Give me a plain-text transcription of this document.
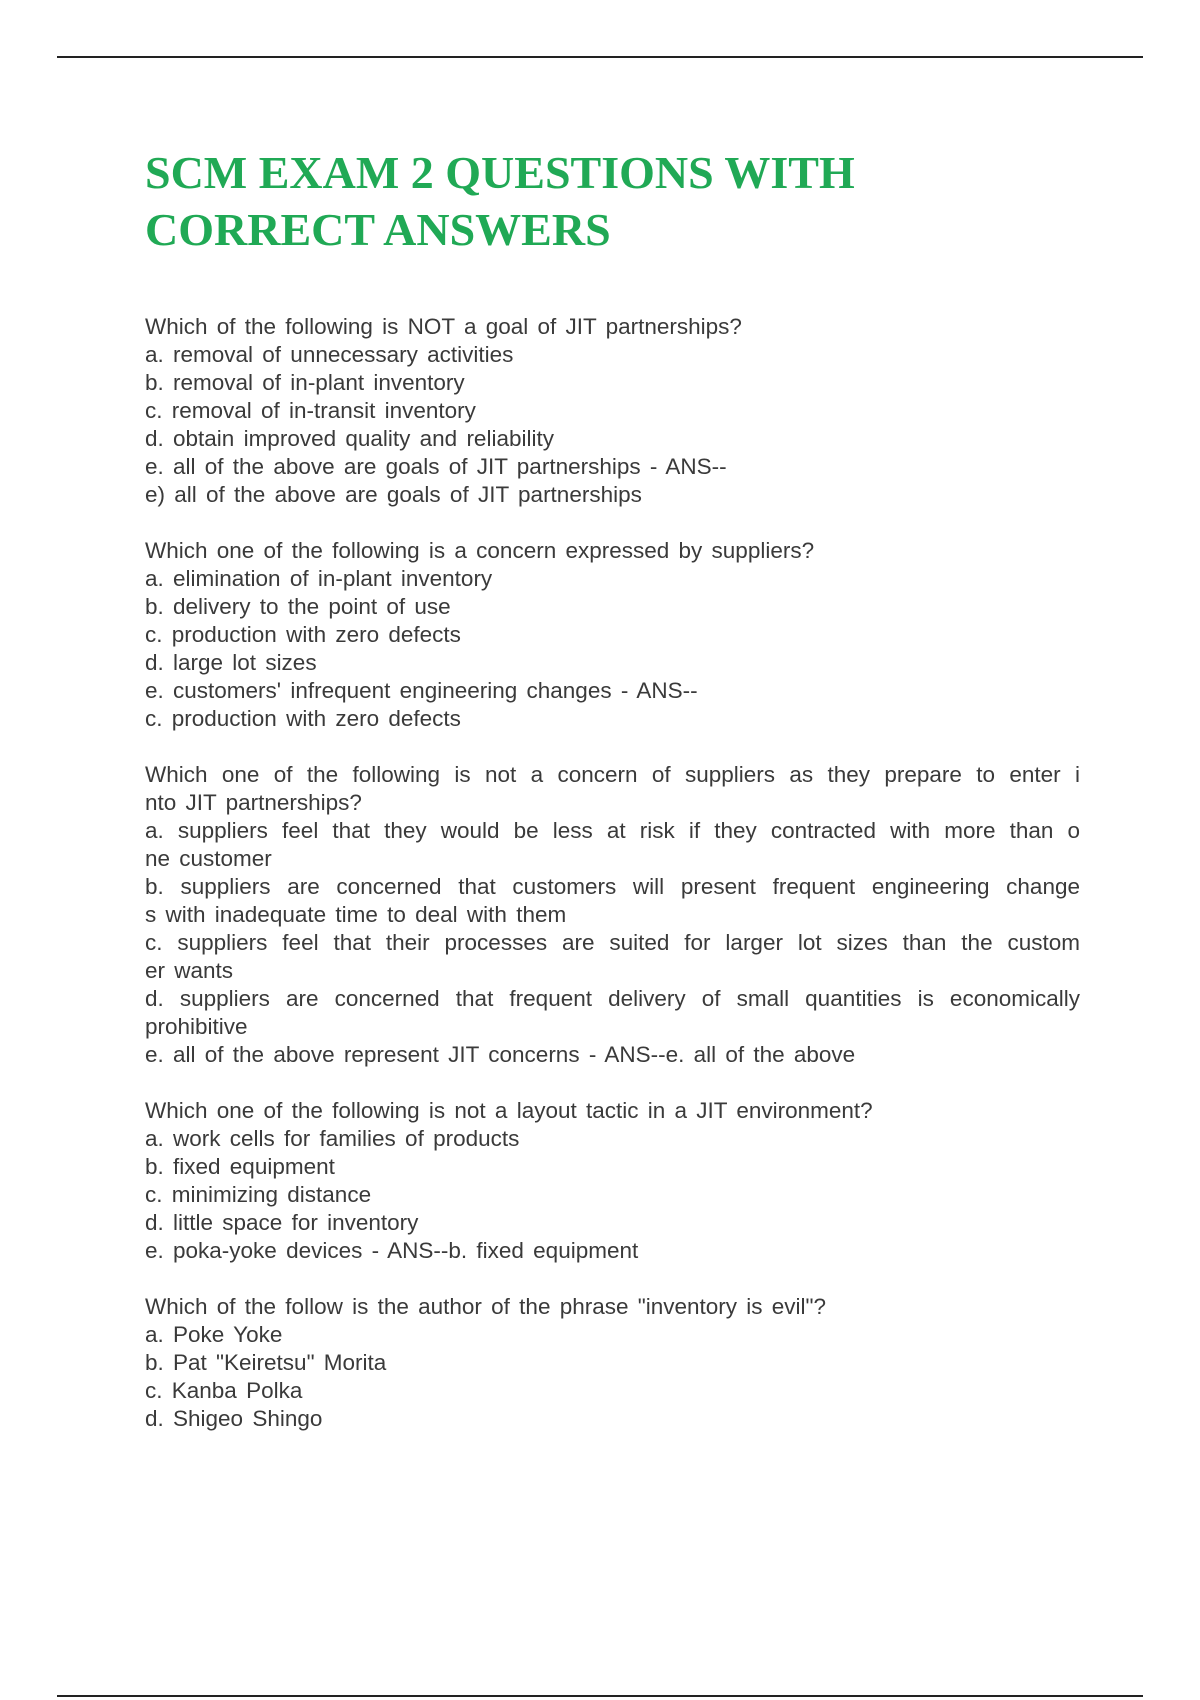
SCM EXAM 2 QUESTIONS WITH
CORRECT ANSWERS
Which of the following is NOT a goal of JIT partnerships?
a. removal of unnecessary activities
b. removal of in-plant inventory
c. removal of in-transit inventory
d. obtain improved quality and reliability
e. all of the above are goals of JIT partnerships - ANS--
e) all of the above are goals of JIT partnerships
Which one of the following is a concern expressed by suppliers?
a. elimination of in-plant inventory
b. delivery to the point of use
c. production with zero defects
d. large lot sizes
e. customers' infrequent engineering changes - ANS--
c. production with zero defects
Which one of the following is not a concern of suppliers as they prepare to enter i
nto JIT partnerships?
a. suppliers feel that they would be less at risk if they contracted with more than o
ne customer
b. suppliers are concerned that customers will present frequent engineering change
s with inadequate time to deal with them
c. suppliers feel that their processes are suited for larger lot sizes than the custom
er wants
d. suppliers are concerned that frequent delivery of small quantities is economically
prohibitive
e. all of the above represent JIT concerns - ANS--e. all of the above
Which one of the following is not a layout tactic in a JIT environment?
a. work cells for families of products
b. fixed equipment
c. minimizing distance
d. little space for inventory
e. poka-yoke devices - ANS--b. fixed equipment
Which of the follow is the author of the phrase "inventory is evil"?
a. Poke Yoke
b. Pat "Keiretsu" Morita
c. Kanba Polka
d. Shigeo Shingo
